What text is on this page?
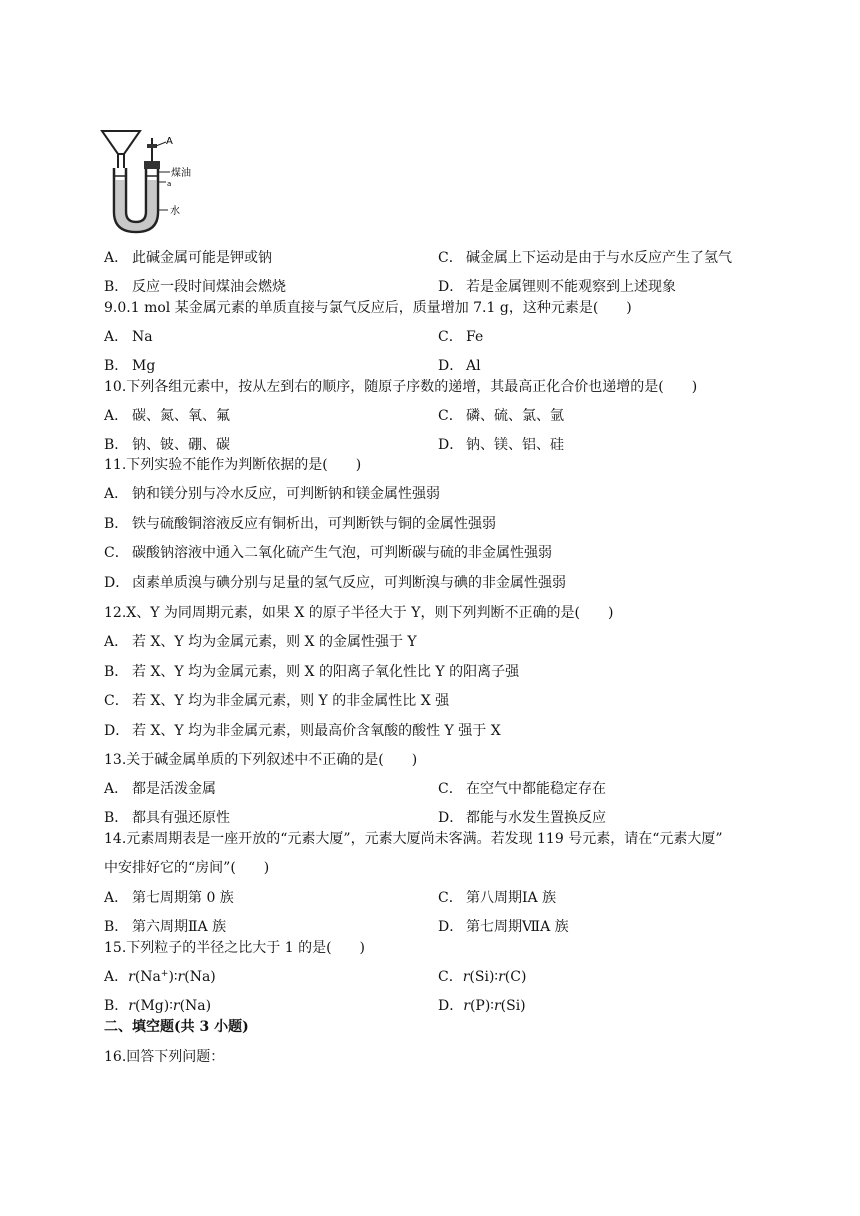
A
煤油
a
水
A． 此碱金属可能是钾或钠	C． 碱金属上下运动是由于与水反应产生了氢气
B． 反应一段时间煤油会燃烧	D． 若是金属锂则不能观察到上述现象
9.0.1 mol 某金属元素的单质直接与氯气反应后，质量增加 7.1 g，这种元素是(　　)
A． Na	C． Fe
B． Mg	D． Al
10.下列各组元素中，按从左到右的顺序，随原子序数的递增，其最高正化合价也递增的是(　　)
A． 碳、氮、氧、氟	C． 磷、硫、氯、氩
B． 钠、铍、硼、碳	D． 钠、镁、铝、硅
11.下列实验不能作为判断依据的是(　　)
A． 钠和镁分别与冷水反应，可判断钠和镁金属性强弱
B． 铁与硫酸铜溶液反应有铜析出，可判断铁与铜的金属性强弱
C． 碳酸钠溶液中通入二氧化硫产生气泡，可判断碳与硫的非金属性强弱
D． 卤素单质溴与碘分别与足量的氢气反应，可判断溴与碘的非金属性强弱
12.X、Y 为同周期元素，如果 X 的原子半径大于 Y，则下列判断不正确的是(　　)
A． 若 X、Y 均为金属元素，则 X 的金属性强于 Y
B． 若 X、Y 均为金属元素，则 X 的阳离子氧化性比 Y 的阳离子强
C． 若 X、Y 均为非金属元素，则 Y 的非金属性比 X 强
D． 若 X、Y 均为非金属元素，则最高价含氧酸的酸性 Y 强于 X
13.关于碱金属单质的下列叙述中不正确的是(　　)
A． 都是活泼金属	C． 在空气中都能稳定存在
B． 都具有强还原性	D． 都能与水发生置换反应
14.元素周期表是一座开放的“元素大厦”，元素大厦尚未客满。若发现 119 号元素，请在“元素大厦”
中安排好它的“房间”(　　)
A． 第七周期第 0 族	C． 第八周期ⅠA 族
B． 第六周期ⅡA 族	D． 第七周期ⅦA 族
15.下列粒子的半径之比大于 1 的是(　　)
A．r(Na+)∶r(Na)	C．r(Si)∶r(C)
B．r(Mg)∶r(Na)	D．r(P)∶r(Si)
二、填空题(共 3 小题)
16.回答下列问题：
